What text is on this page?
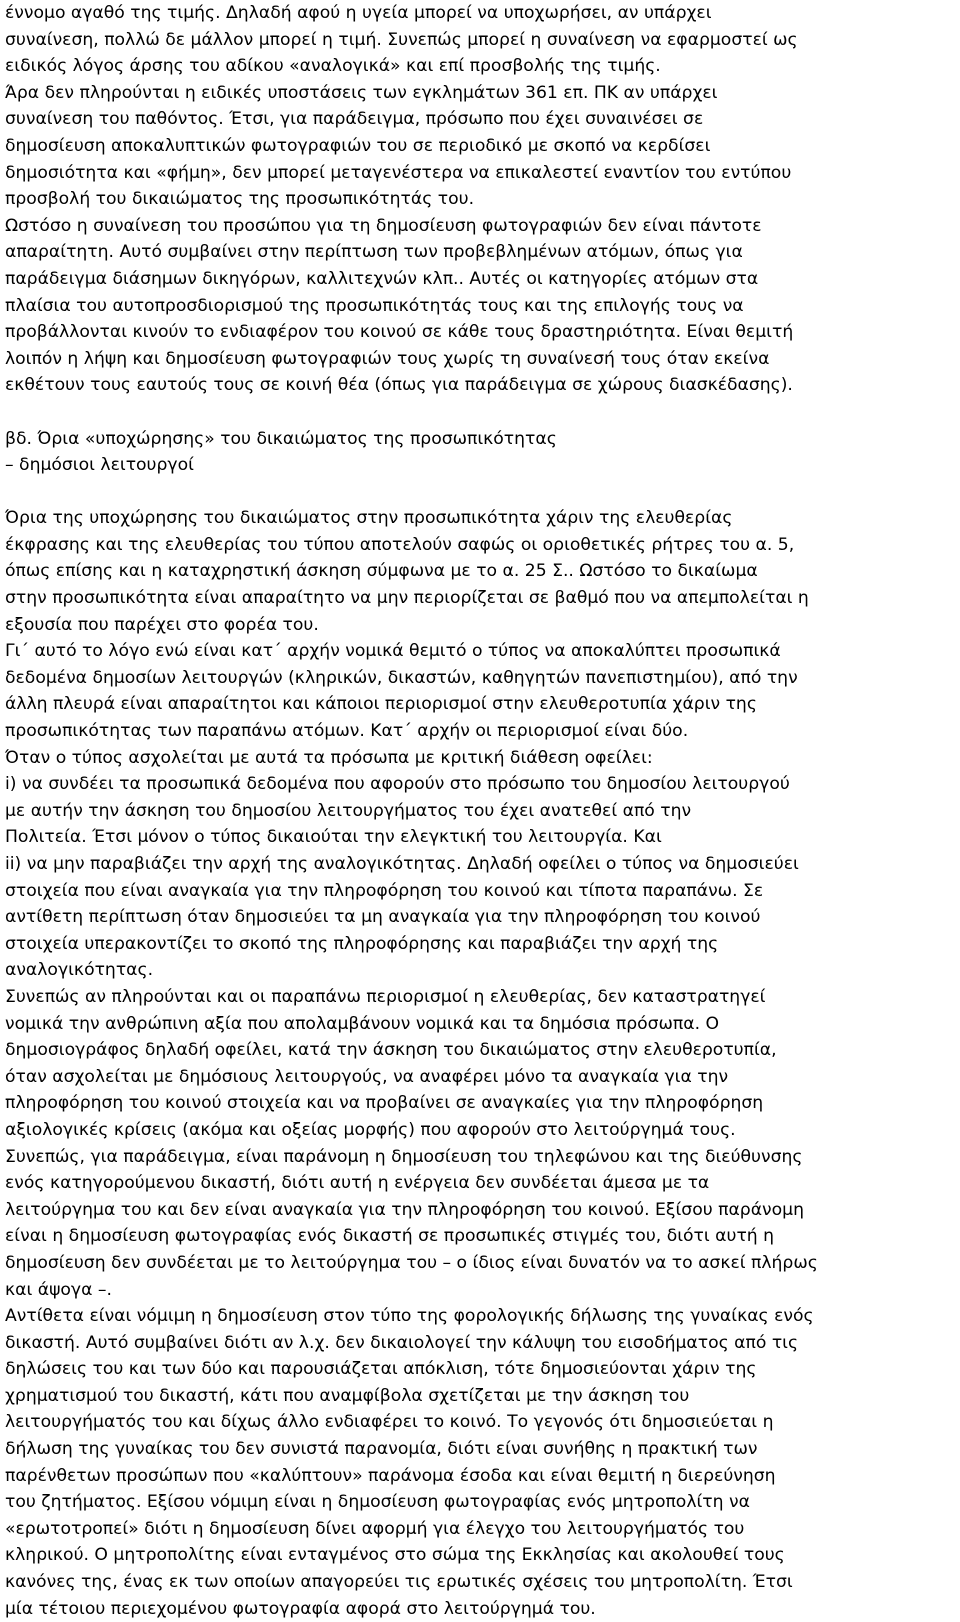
έννομο αγαθό της τιμής. Δηλαδή αφού η υγεία μπορεί να υποχωρήσει, αν υπάρχει
συναίνεση, πολλώ δε μάλλον μπορεί η τιμή. Συνεπώς μπορεί η συναίνεση να εφαρμοστεί ως
ειδικός λόγος άρσης του αδίκου «αναλογικά» και επί προσβολής της τιμής.
Άρα δεν πληρούνται η ειδικές υποστάσεις των εγκλημάτων 361 επ. ΠΚ αν υπάρχει
συναίνεση του παθόντος. Έτσι, για παράδειγμα, πρόσωπο που έχει συναινέσει σε
δημοσίευση αποκαλυπτικών φωτογραφιών του σε περιοδικό με σκοπό να κερδίσει
δημοσιότητα και «φήμη», δεν μπορεί μεταγενέστερα να επικαλεστεί εναντίον του εντύπου
προσβολή του δικαιώματος της προσωπικότητάς του.
Ωστόσο η συναίνεση του προσώπου για τη δημοσίευση φωτογραφιών δεν είναι πάντοτε
απαραίτητη. Αυτό συμβαίνει στην περίπτωση των προβεβλημένων ατόμων, όπως για
παράδειγμα διάσημων δικηγόρων, καλλιτεχνών κλπ.. Αυτές οι κατηγορίες ατόμων στα
πλαίσια του αυτοπροσδιορισμού της προσωπικότητάς τους και της επιλογής τους να
προβάλλονται κινούν το ενδιαφέρον του κοινού σε κάθε τους δραστηριότητα. Είναι θεμιτή
λοιπόν η λήψη και δημοσίευση φωτογραφιών τους χωρίς τη συναίνεσή τους όταν εκείνα
εκθέτουν τους εαυτούς τους σε κοινή θέα (όπως για παράδειγμα σε χώρους διασκέδασης).
βδ. Όρια «υποχώρησης» του δικαιώματος της προσωπικότητας
– δημόσιοι λειτουργοί
Όρια της υποχώρησης του δικαιώματος στην προσωπικότητα χάριν της ελευθερίας
έκφρασης και της ελευθερίας του τύπου αποτελούν σαφώς οι οριοθετικές ρήτρες του α. 5,
όπως επίσης και η καταχρηστική άσκηση σύμφωνα με το α. 25 Σ.. Ωστόσο το δικαίωμα
στην προσωπικότητα είναι απαραίτητο να μην περιορίζεται σε βαθμό που να απεμπολείται η
εξουσία που παρέχει στο φορέα του.
Γι΄ αυτό το λόγο ενώ είναι κατ΄ αρχήν νομικά θεμιτό ο τύπος να αποκαλύπτει προσωπικά
δεδομένα δημοσίων λειτουργών (κληρικών, δικαστών, καθηγητών πανεπιστημίου), από την
άλλη πλευρά είναι απαραίτητοι και κάποιοι περιορισμοί στην ελευθεροτυπία χάριν της
προσωπικότητας των παραπάνω ατόμων. Κατ΄ αρχήν οι περιορισμοί είναι δύο.
Όταν ο τύπος ασχολείται με αυτά τα πρόσωπα με κριτική διάθεση οφείλει:
i) να συνδέει τα προσωπικά δεδομένα που αφορούν στο πρόσωπο του δημοσίου λειτουργού
με αυτήν την άσκηση του δημοσίου λειτουργήματος του έχει ανατεθεί από την
Πολιτεία. Έτσι μόνον ο τύπος δικαιούται την ελεγκτική του λειτουργία. Και
ii) να μην παραβιάζει την αρχή της αναλογικότητας. Δηλαδή οφείλει ο τύπος να δημοσιεύει
στοιχεία που είναι αναγκαία για την πληροφόρηση του κοινού και τίποτα παραπάνω. Σε
αντίθετη περίπτωση όταν δημοσιεύει τα μη αναγκαία για την πληροφόρηση του κοινού
στοιχεία υπερακοντίζει το σκοπό της πληροφόρησης και παραβιάζει την αρχή της
αναλογικότητας.
Συνεπώς αν πληρούνται και οι παραπάνω περιορισμοί η ελευθερίας, δεν καταστρατηγεί
νομικά την ανθρώπινη αξία που απολαμβάνουν νομικά και τα δημόσια πρόσωπα. Ο
δημοσιογράφος δηλαδή οφείλει, κατά την άσκηση του δικαιώματος στην ελευθεροτυπία,
όταν ασχολείται με δημόσιους λειτουργούς, να αναφέρει μόνο τα αναγκαία για την
πληροφόρηση του κοινού στοιχεία και να προβαίνει σε αναγκαίες για την πληροφόρηση
αξιολογικές κρίσεις (ακόμα και οξείας μορφής) που αφορούν στο λειτούργημά τους.
Συνεπώς, για παράδειγμα, είναι παράνομη η δημοσίευση του τηλεφώνου και της διεύθυνσης
ενός κατηγορούμενου δικαστή, διότι αυτή η ενέργεια δεν συνδέεται άμεσα με τα
λειτούργημα του και δεν είναι αναγκαία για την πληροφόρηση του κοινού. Εξίσου παράνομη
είναι η δημοσίευση φωτογραφίας ενός δικαστή σε προσωπικές στιγμές του, διότι αυτή η
δημοσίευση δεν συνδέεται με το λειτούργημα του – ο ίδιος είναι δυνατόν να το ασκεί πλήρως
και άψογα –.
Αντίθετα είναι νόμιμη η δημοσίευση στον τύπο της φορολογικής δήλωσης της γυναίκας ενός
δικαστή. Αυτό συμβαίνει διότι αν λ.χ. δεν δικαιολογεί την κάλυψη του εισοδήματος από τις
δηλώσεις του και των δύο και παρουσιάζεται απόκλιση, τότε δημοσιεύονται χάριν της
χρηματισμού του δικαστή, κάτι που αναμφίβολα σχετίζεται με την άσκηση του
λειτουργήματός του και δίχως άλλο ενδιαφέρει το κοινό. Το γεγονός ότι δημοσιεύεται η
δήλωση της γυναίκας του δεν συνιστά παρανομία, διότι είναι συνήθης η πρακτική των
παρένθετων προσώπων που «καλύπτουν» παράνομα έσοδα και είναι θεμιτή η διερεύνηση
του ζητήματος. Εξίσου νόμιμη είναι η δημοσίευση φωτογραφίας ενός μητροπολίτη να
«ερωτοτροπεί» διότι η δημοσίευση δίνει αφορμή για έλεγχο του λειτουργήματός του
κληρικού. Ο μητροπολίτης είναι ενταγμένος στο σώμα της Εκκλησίας και ακολουθεί τους
κανόνες της, ένας εκ των οποίων απαγορεύει τις ερωτικές σχέσεις του μητροπολίτη. Έτσι
μία τέτοιου περιεχομένου φωτογραφία αφορά στο λειτούργημά του.
